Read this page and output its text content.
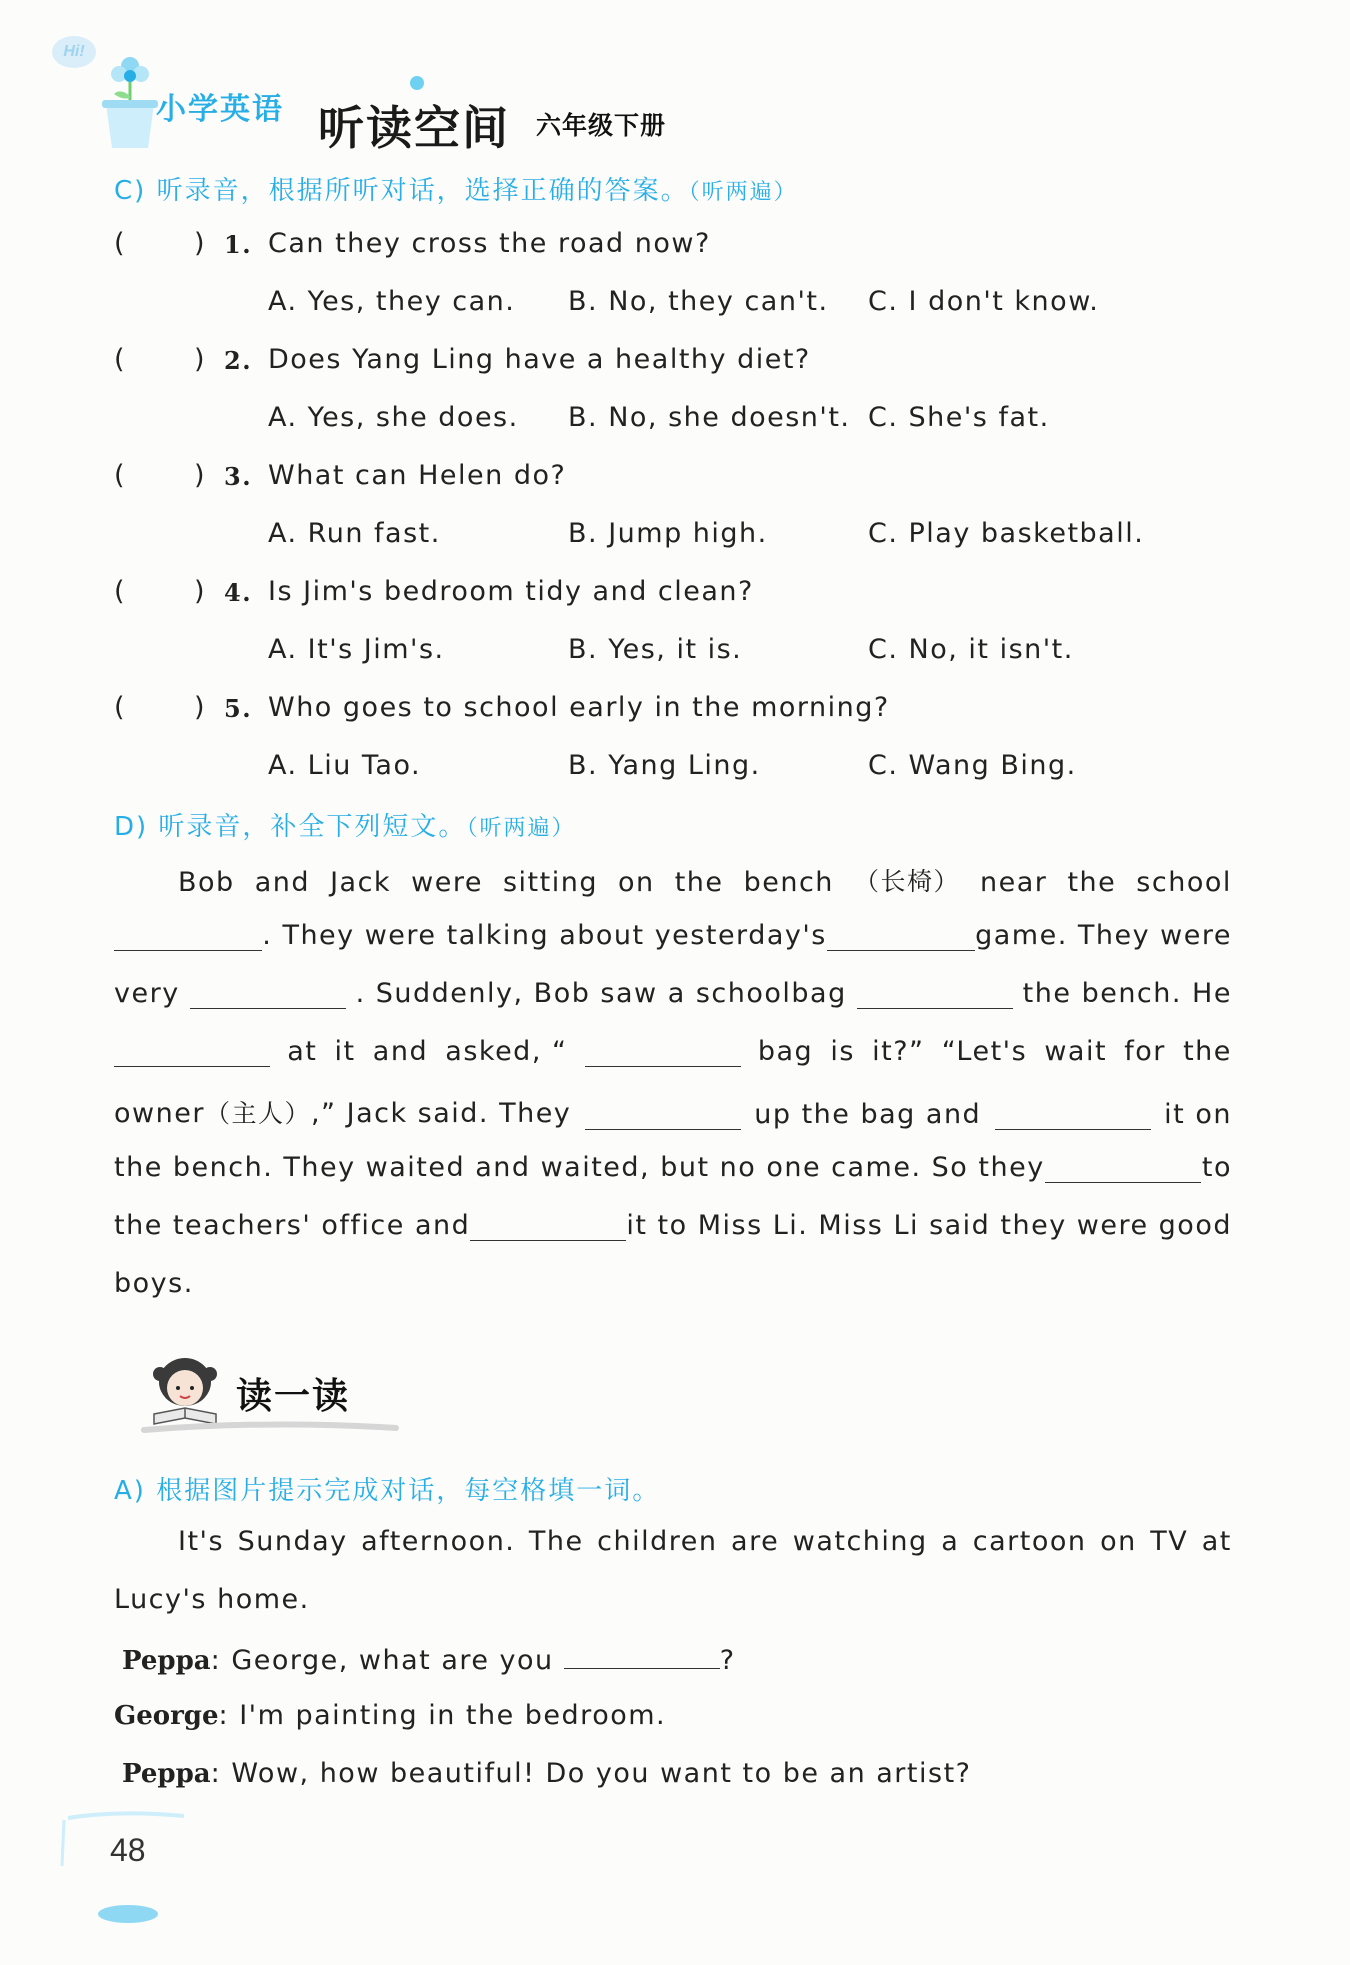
Hi!
小学英语 听读空间 六年级下册
C) 听录音，根据所听对话，选择正确的答案。（听两遍）
(	) 1. Can they cross the road now?
A. Yes, they can. B. No, they can't. C. I don't know.
(	) 2. Does Yang Ling have a healthy diet?
A. Yes, she does. B. No, she doesn't. C. She's fat.
(	) 3. What can Helen do?
A. Run fast.	B. Jump high.	C. Play basketball.
(	) 4. Is Jim's bedroom tidy and clean?
A. It's Jim's.	B. Yes, it is.	C. No, it isn't.
(	) 5. Who goes to school early in the morning?
A. Liu Tao.	B. Yang Ling.	C. Wang Bing.
D) 听录音，补全下列短文。（听两遍）
Bob and Jack were sitting on the bench （长椅） near the school
. They were talking about yesterday's	game. They were
very	. Suddenly, Bob saw a schoolbag	the bench. He
at it and asked, “	bag is it?” “Let's wait for the
owner（主人）,” Jack said. They	up the bag and	it on
the bench. They waited and waited, but no one came. So they	to
the teachers' office and	it to Miss Li. Miss Li said they were good
boys.
读一读
A) 根据图片提示完成对话，每空格填一词。
It's Sunday afternoon. The children are watching a cartoon on TV at
Lucy's home.
Peppa: George, what are you	?
George: I'm painting in the bedroom.
Peppa: Wow, how beautiful! Do you want to be an artist?
48
